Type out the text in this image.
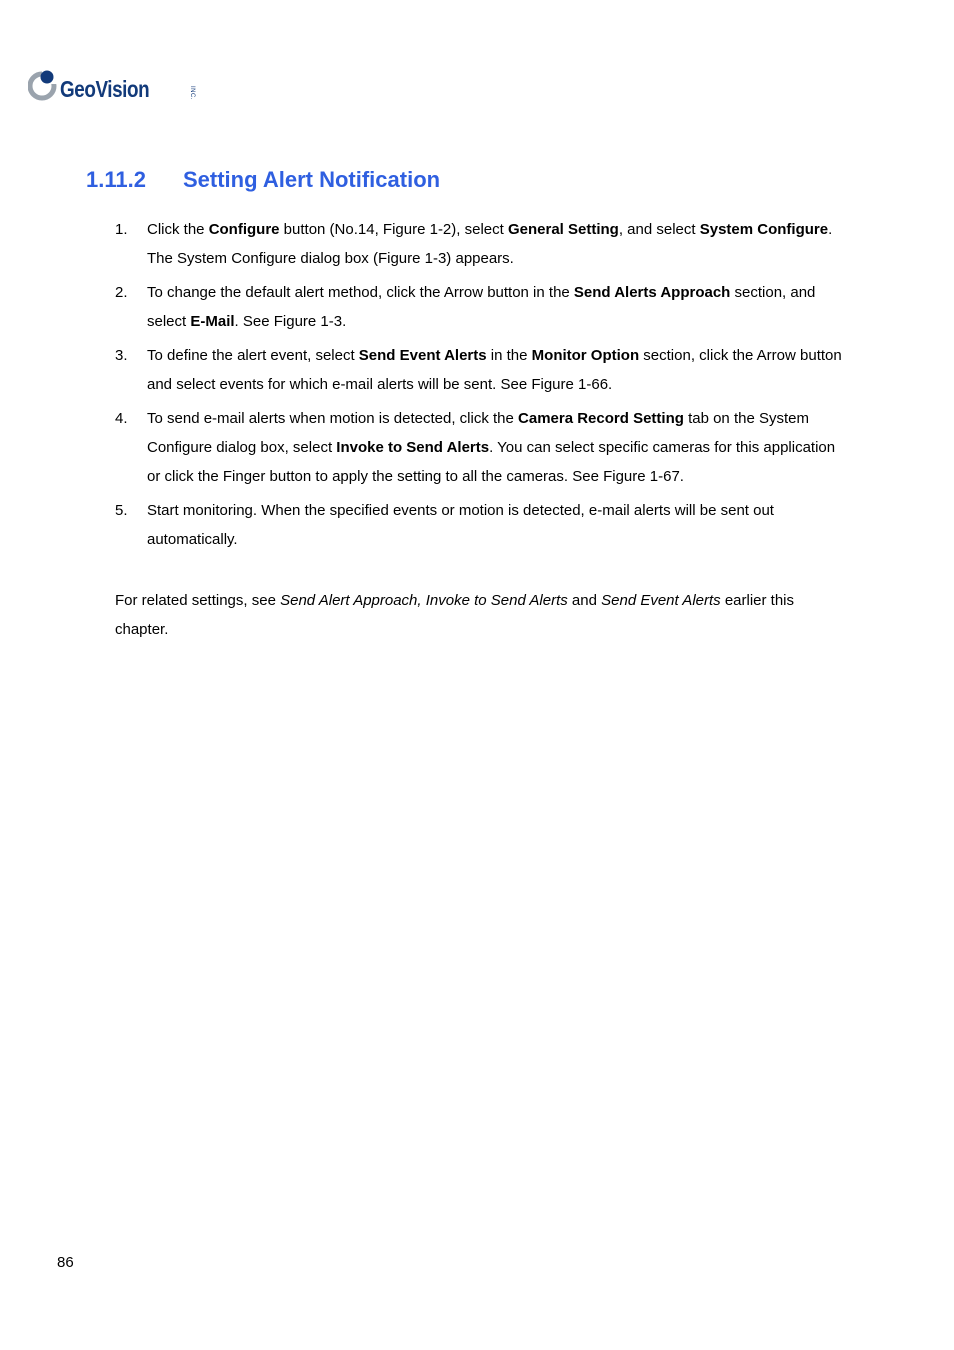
GeoVision	INC.
1.11.2 Setting Alert Notification
1. Click the Configure button (No.14, Figure 1-2), select General Setting, and select System Configure. The System Configure dialog box (Figure 1-3) appears.
2. To change the default alert method, click the Arrow button in the Send Alerts Approach section, and select E-Mail. See Figure 1-3.
3. To define the alert event, select Send Event Alerts in the Monitor Option section, click the Arrow button and select events for which e-mail alerts will be sent. See Figure 1-66.
4. To send e-mail alerts when motion is detected, click the Camera Record Setting tab on the System Configure dialog box, select Invoke to Send Alerts. You can select specific cameras for this application or click the Finger button to apply the setting to all the cameras. See Figure 1-67.
5. Start monitoring. When the specified events or motion is detected, e-mail alerts will be sent out automatically.

For related settings, see Send Alert Approach, Invoke to Send Alerts and Send Event Alerts earlier this chapter.

86
